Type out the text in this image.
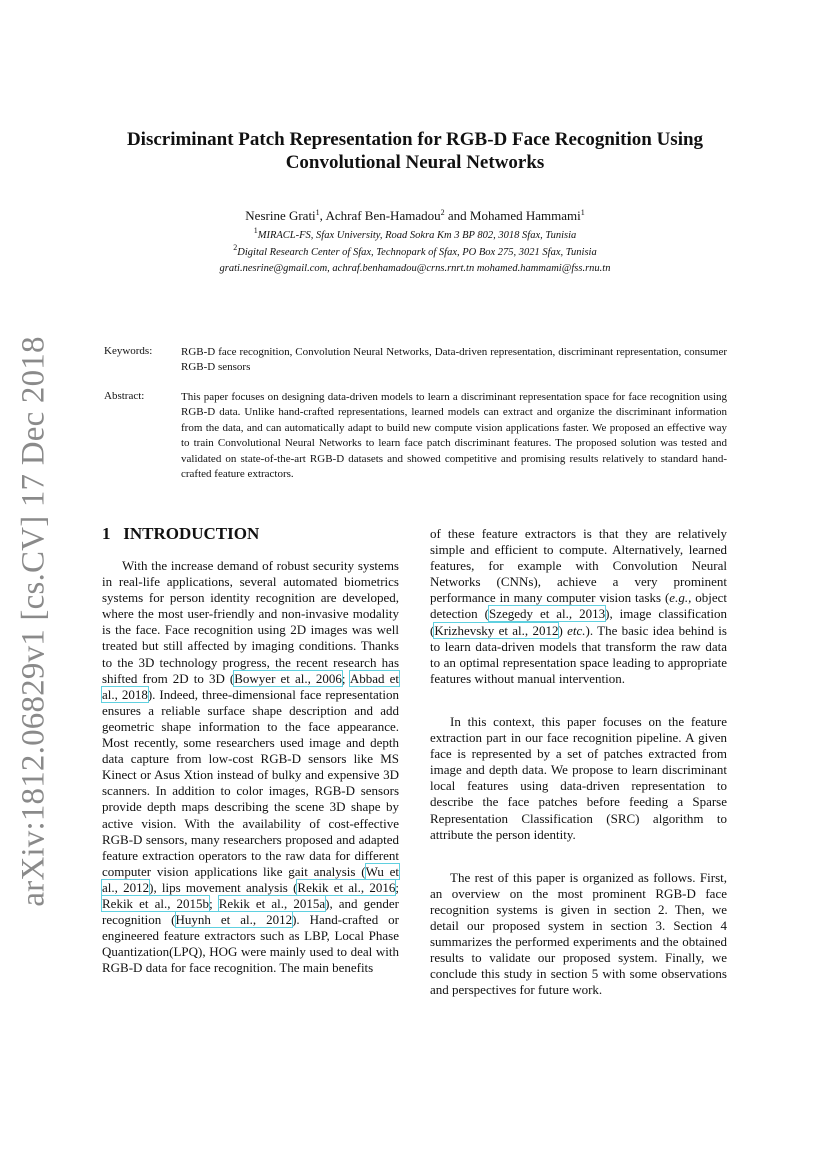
arXiv:1812.06829v1 [cs.CV] 17 Dec 2018
Discriminant Patch Representation for RGB-D Face Recognition Using
Convolutional Neural Networks
Nesrine Grati$^1$, Achraf Ben-Hamadou$^2$ and Mohamed Hammami$^1$
$^1$MIRACL-FS, Sfax University, Road Sokra Km 3 BP 802, 3018 Sfax, Tunisia
$^2$Digital Research Center of Sfax, Technopark of Sfax, PO Box 275, 3021 Sfax, Tunisia
grati.nesrine@gmail.com, achraf.benhamadou@crns.rnrt.tn mohamed.hammami@fss.rnu.tn
Keywords:	RGB-D face recognition, Convolution Neural Networks, Data-driven representation, discriminant representation, consumer RGB-D sensors
Abstract:	This paper focuses on designing data-driven models to learn a discriminant representation space for face recognition using RGB-D data. Unlike hand-crafted representations, learned models can extract and organize the discriminant information from the data, and can automatically adapt to build new compute vision applications faster. We proposed an effective way to train Convolutional Neural Networks to learn face patch discriminant features. The proposed solution was tested and validated on state-of-the-art RGB-D datasets and showed competitive and promising results relatively to standard hand-crafted feature extractors.
1 INTRODUCTION

With the increase demand of robust security systems in real-life applications, several automated biometrics systems for person identity recognition are developed, where the most user-friendly and non-invasive modality is the face. Face recognition using 2D images was well treated but still affected by imaging conditions. Thanks to the 3D technology progress, the recent research has shifted from 2D to 3D (Bowyer et al., 2006; Abbad et al., 2018). Indeed, three-dimensional face representation ensures a reliable surface shape description and add geometric shape information to the face appearance. Most recently, some researchers used image and depth data capture from low-cost RGB-D sensors like MS Kinect or Asus Xtion instead of bulky and expensive 3D scanners. In addition to color images, RGB-D sensors provide depth maps describing the scene 3D shape by active vision. With the availability of cost-effective RGB-D sensors, many researchers proposed and adapted feature extraction operators to the raw data for different computer vision applications like gait analysis (Wu et al., 2012), lips movement analysis (Rekik et al., 2016; Rekik et al., 2015b; Rekik et al., 2015a), and gender recognition (Huynh et al., 2012). Hand-crafted or engineered feature extractors such as LBP, Local Phase Quantization(LPQ), HOG were mainly used to deal with RGB-D data for face recognition. The main benefits

of these feature extractors is that they are relatively simple and efficient to compute. Alternatively, learned features, for example with Convolution Neural Networks (CNNs), achieve a very prominent performance in many computer vision tasks (e.g., object detection (Szegedy et al., 2013), image classification (Krizhevsky et al., 2012) etc.). The basic idea behind is to learn data-driven models that transform the raw data to an optimal representation space leading to appropriate features without manual intervention.

In this context, this paper focuses on the feature extraction part in our face recognition pipeline. A given face is represented by a set of patches extracted from image and depth data. We propose to learn discriminant local features using data-driven representation to describe the face patches before feeding a Sparse Representation Classification (SRC) algorithm to attribute the person identity.

The rest of this paper is organized as follows. First, an overview on the most prominent RGB-D face recognition systems is given in section 2. Then, we detail our proposed system in section 3. Section 4 summarizes the performed experiments and the obtained results to validate our proposed system. Finally, we conclude this study in section 5 with some observations and perspectives for future work.
